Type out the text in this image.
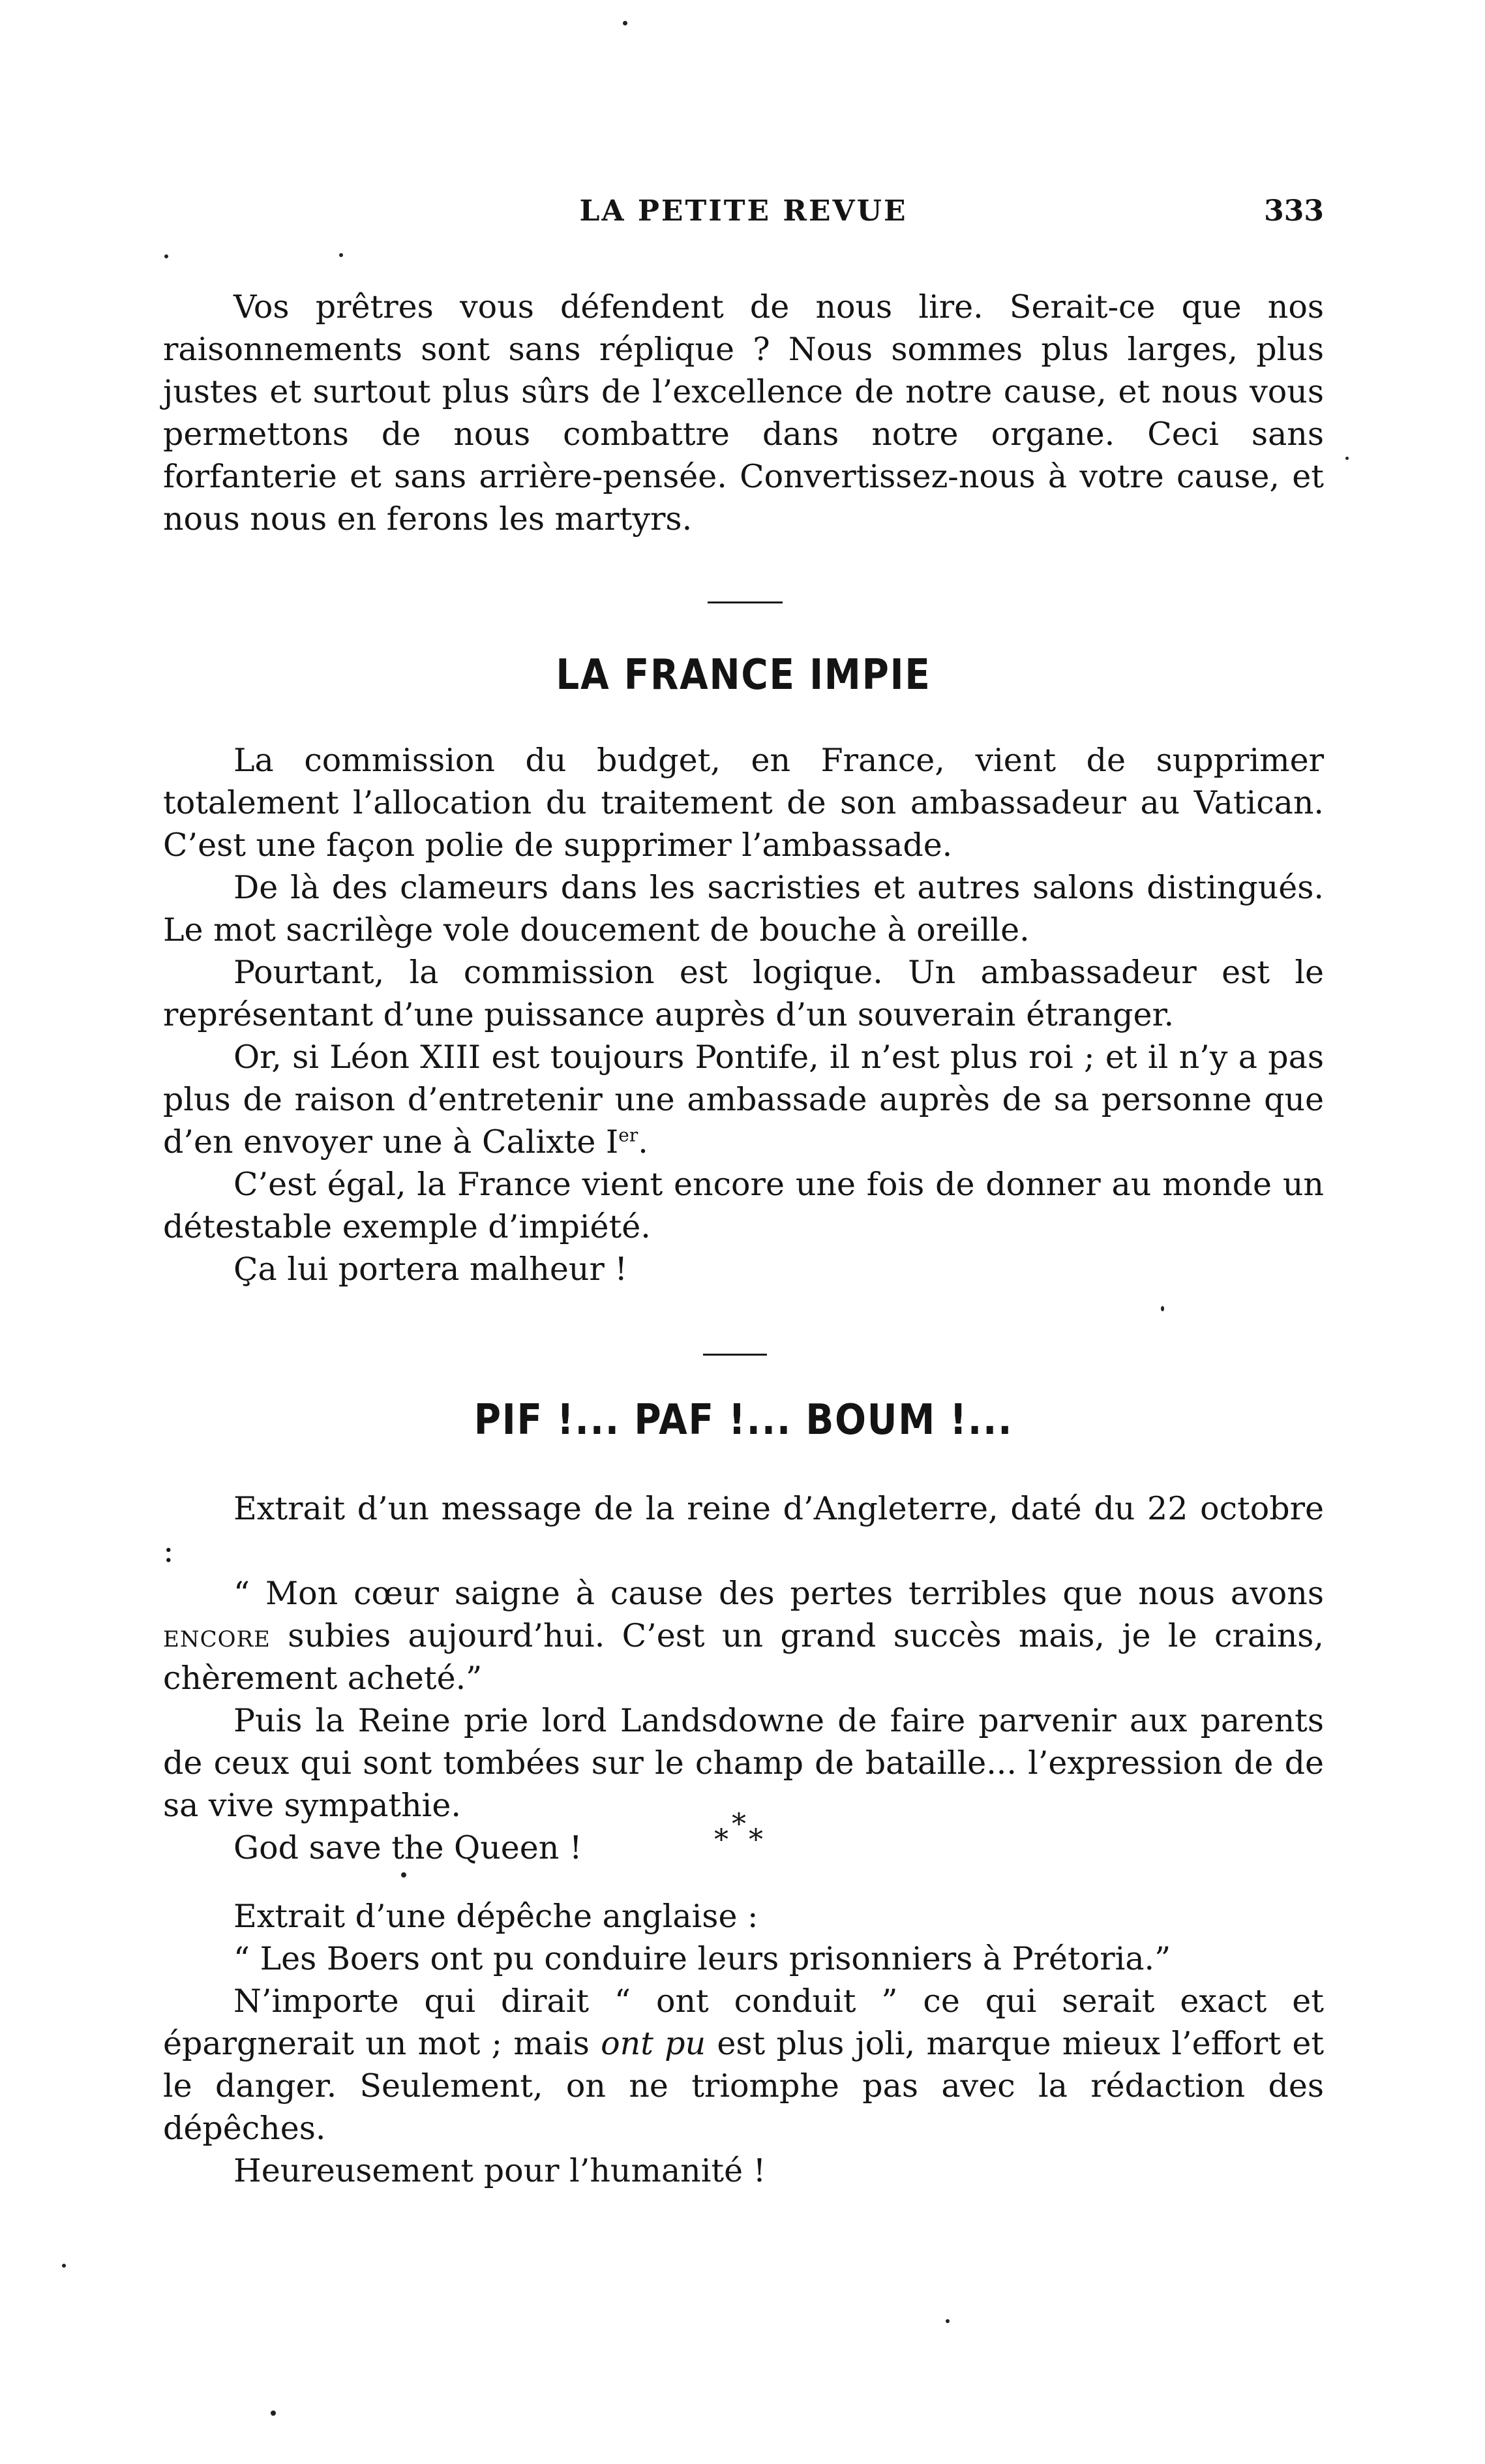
LA PETITE REVUE	333

Vos prêtres vous défendent de nous lire. Serait-ce que nos raisonnements sont sans réplique ? Nous sommes plus larges, plus justes et surtout plus sûrs de l’excellence de notre cause, et nous vous permettons de nous combattre dans notre organe. Ceci sans forfanterie et sans arrière-pensée. Convertissez-nous à votre cause, et nous nous en ferons les martyrs.

LA FRANCE IMPIE

La commission du budget, en France, vient de supprimer totalement l’allocation du traitement de son ambassadeur au Vatican. C’est une façon polie de supprimer l’ambassade.

De là des clameurs dans les sacristies et autres salons distingués. Le mot sacrilège vole doucement de bouche à oreille.

Pourtant, la commission est logique. Un ambassadeur est le représentant d’une puissance auprès d’un souverain étranger.

Or, si Léon XIII est toujours Pontife, il n’est plus roi ; et il n’y a pas plus de raison d’entretenir une ambassade auprès de sa personne que d’en envoyer une à Calixte Ier.

C’est égal, la France vient encore une fois de donner au monde un détestable exemple d’impiété.

Ça lui portera malheur !

PIF !... PAF !... BOUM !...

Extrait d’un message de la reine d’Angleterre, daté du 22 octobre :

“ Mon cœur saigne à cause des pertes terribles que nous avons encore subies aujourd’hui. C’est un grand succès mais, je le crains, chèrement acheté.”

Puis la Reine prie lord Landsdowne de faire parvenir aux parents de ceux qui sont tombées sur le champ de bataille... l’expression de de sa vive sympathie.

God save the Queen !

*
* *

Extrait d’une dépêche anglaise :

“ Les Boers ont pu conduire leurs prisonniers à Prétoria.”

N’importe qui dirait “ ont conduit ” ce qui serait exact et épargnerait un mot ; mais ont pu est plus joli, marque mieux l’effort et le danger. Seulement, on ne triomphe pas avec la rédaction des dépêches.

Heureusement pour l’humanité !
